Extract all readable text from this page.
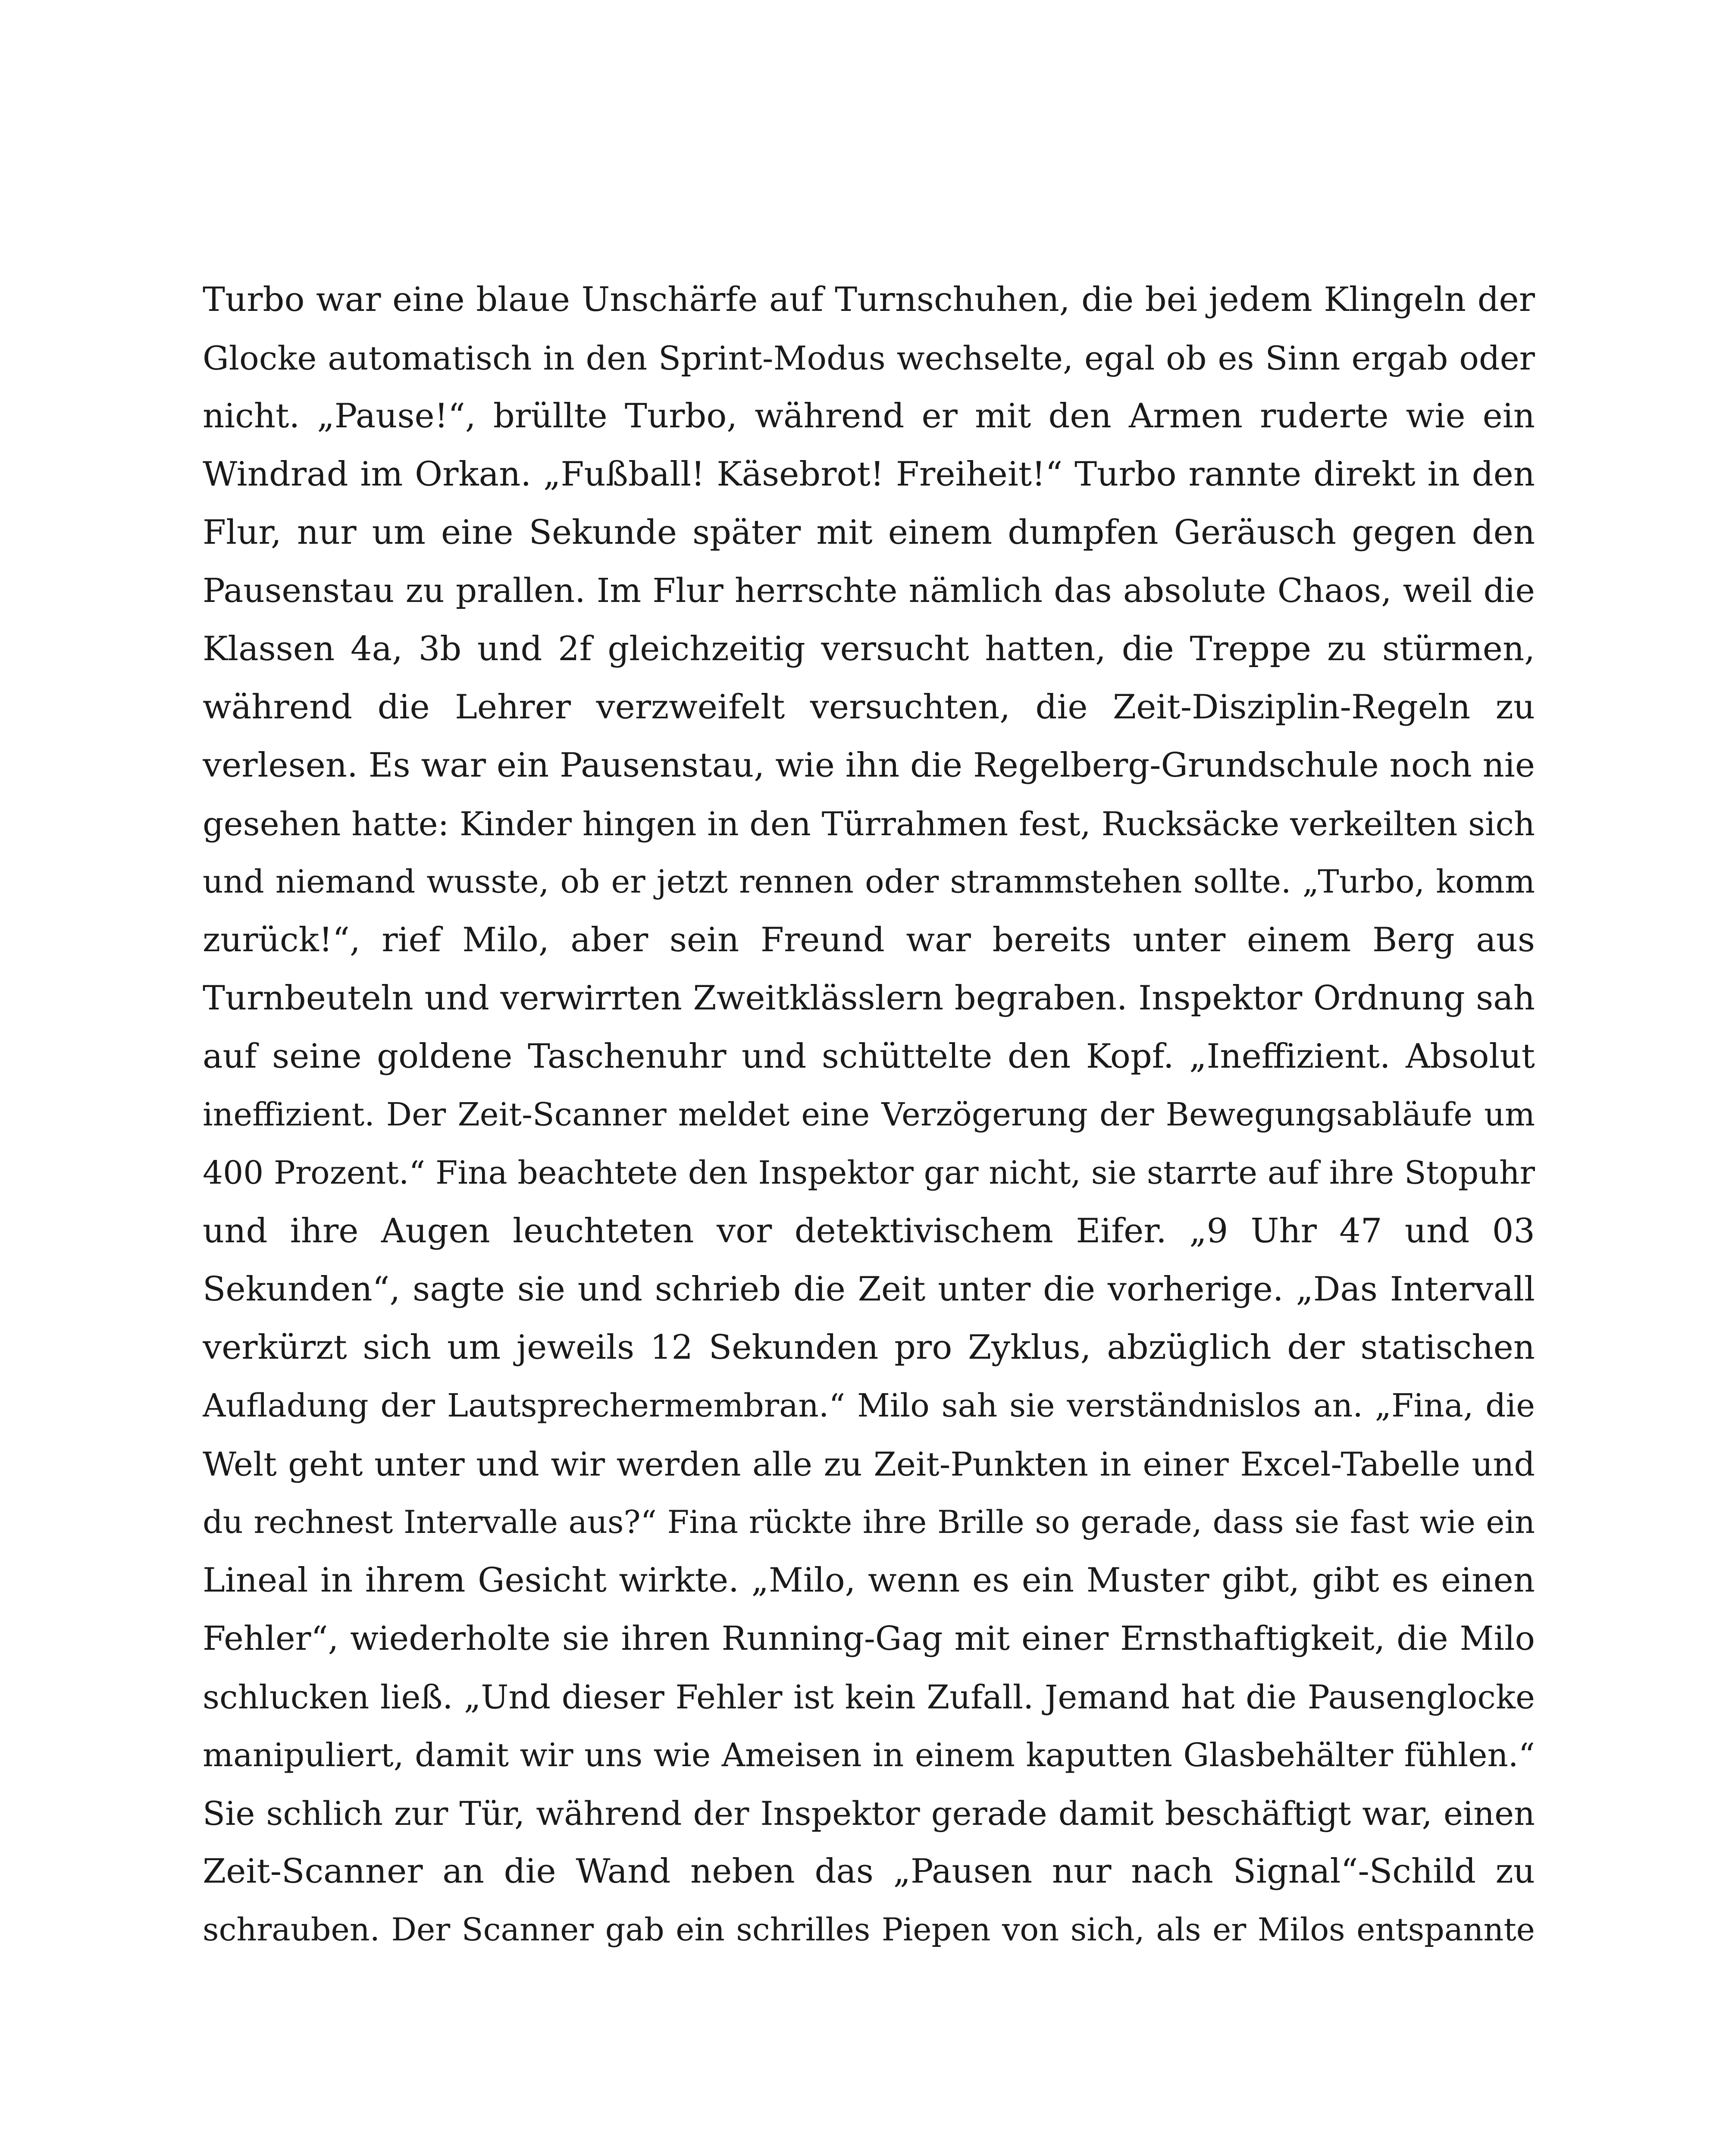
Turbo war eine blaue Unschärfe auf Turnschuhen, die bei jedem Klingeln der
Glocke automatisch in den Sprint-Modus wechselte, egal ob es Sinn ergab oder
nicht. „Pause!“, brüllte Turbo, während er mit den Armen ruderte wie ein
Windrad im Orkan. „Fußball! Käsebrot! Freiheit!“ Turbo rannte direkt in den
Flur, nur um eine Sekunde später mit einem dumpfen Geräusch gegen den
Pausenstau zu prallen. Im Flur herrschte nämlich das absolute Chaos, weil die
Klassen 4a, 3b und 2f gleichzeitig versucht hatten, die Treppe zu stürmen,
während die Lehrer verzweifelt versuchten, die Zeit-Disziplin-Regeln zu
verlesen. Es war ein Pausenstau, wie ihn die Regelberg-Grundschule noch nie
gesehen hatte: Kinder hingen in den Türrahmen fest, Rucksäcke verkeilten sich
und niemand wusste, ob er jetzt rennen oder strammstehen sollte. „Turbo, komm
zurück!“, rief Milo, aber sein Freund war bereits unter einem Berg aus
Turnbeuteln und verwirrten Zweitklässlern begraben. Inspektor Ordnung sah
auf seine goldene Taschenuhr und schüttelte den Kopf. „Ineffizient. Absolut
ineffizient. Der Zeit-Scanner meldet eine Verzögerung der Bewegungsabläufe um
400 Prozent.“ Fina beachtete den Inspektor gar nicht, sie starrte auf ihre Stopuhr
und ihre Augen leuchteten vor detektivischem Eifer. „9 Uhr 47 und 03
Sekunden“, sagte sie und schrieb die Zeit unter die vorherige. „Das Intervall
verkürzt sich um jeweils 12 Sekunden pro Zyklus, abzüglich der statischen
Aufladung der Lautsprechermembran.“ Milo sah sie verständnislos an. „Fina, die
Welt geht unter und wir werden alle zu Zeit-Punkten in einer Excel-Tabelle und
du rechnest Intervalle aus?“ Fina rückte ihre Brille so gerade, dass sie fast wie ein
Lineal in ihrem Gesicht wirkte. „Milo, wenn es ein Muster gibt, gibt es einen
Fehler“, wiederholte sie ihren Running-Gag mit einer Ernsthaftigkeit, die Milo
schlucken ließ. „Und dieser Fehler ist kein Zufall. Jemand hat die Pausenglocke
manipuliert, damit wir uns wie Ameisen in einem kaputten Glasbehälter fühlen.“
Sie schlich zur Tür, während der Inspektor gerade damit beschäftigt war, einen
Zeit-Scanner an die Wand neben das „Pausen nur nach Signal“-Schild zu
schrauben. Der Scanner gab ein schrilles Piepen von sich, als er Milos entspannte
